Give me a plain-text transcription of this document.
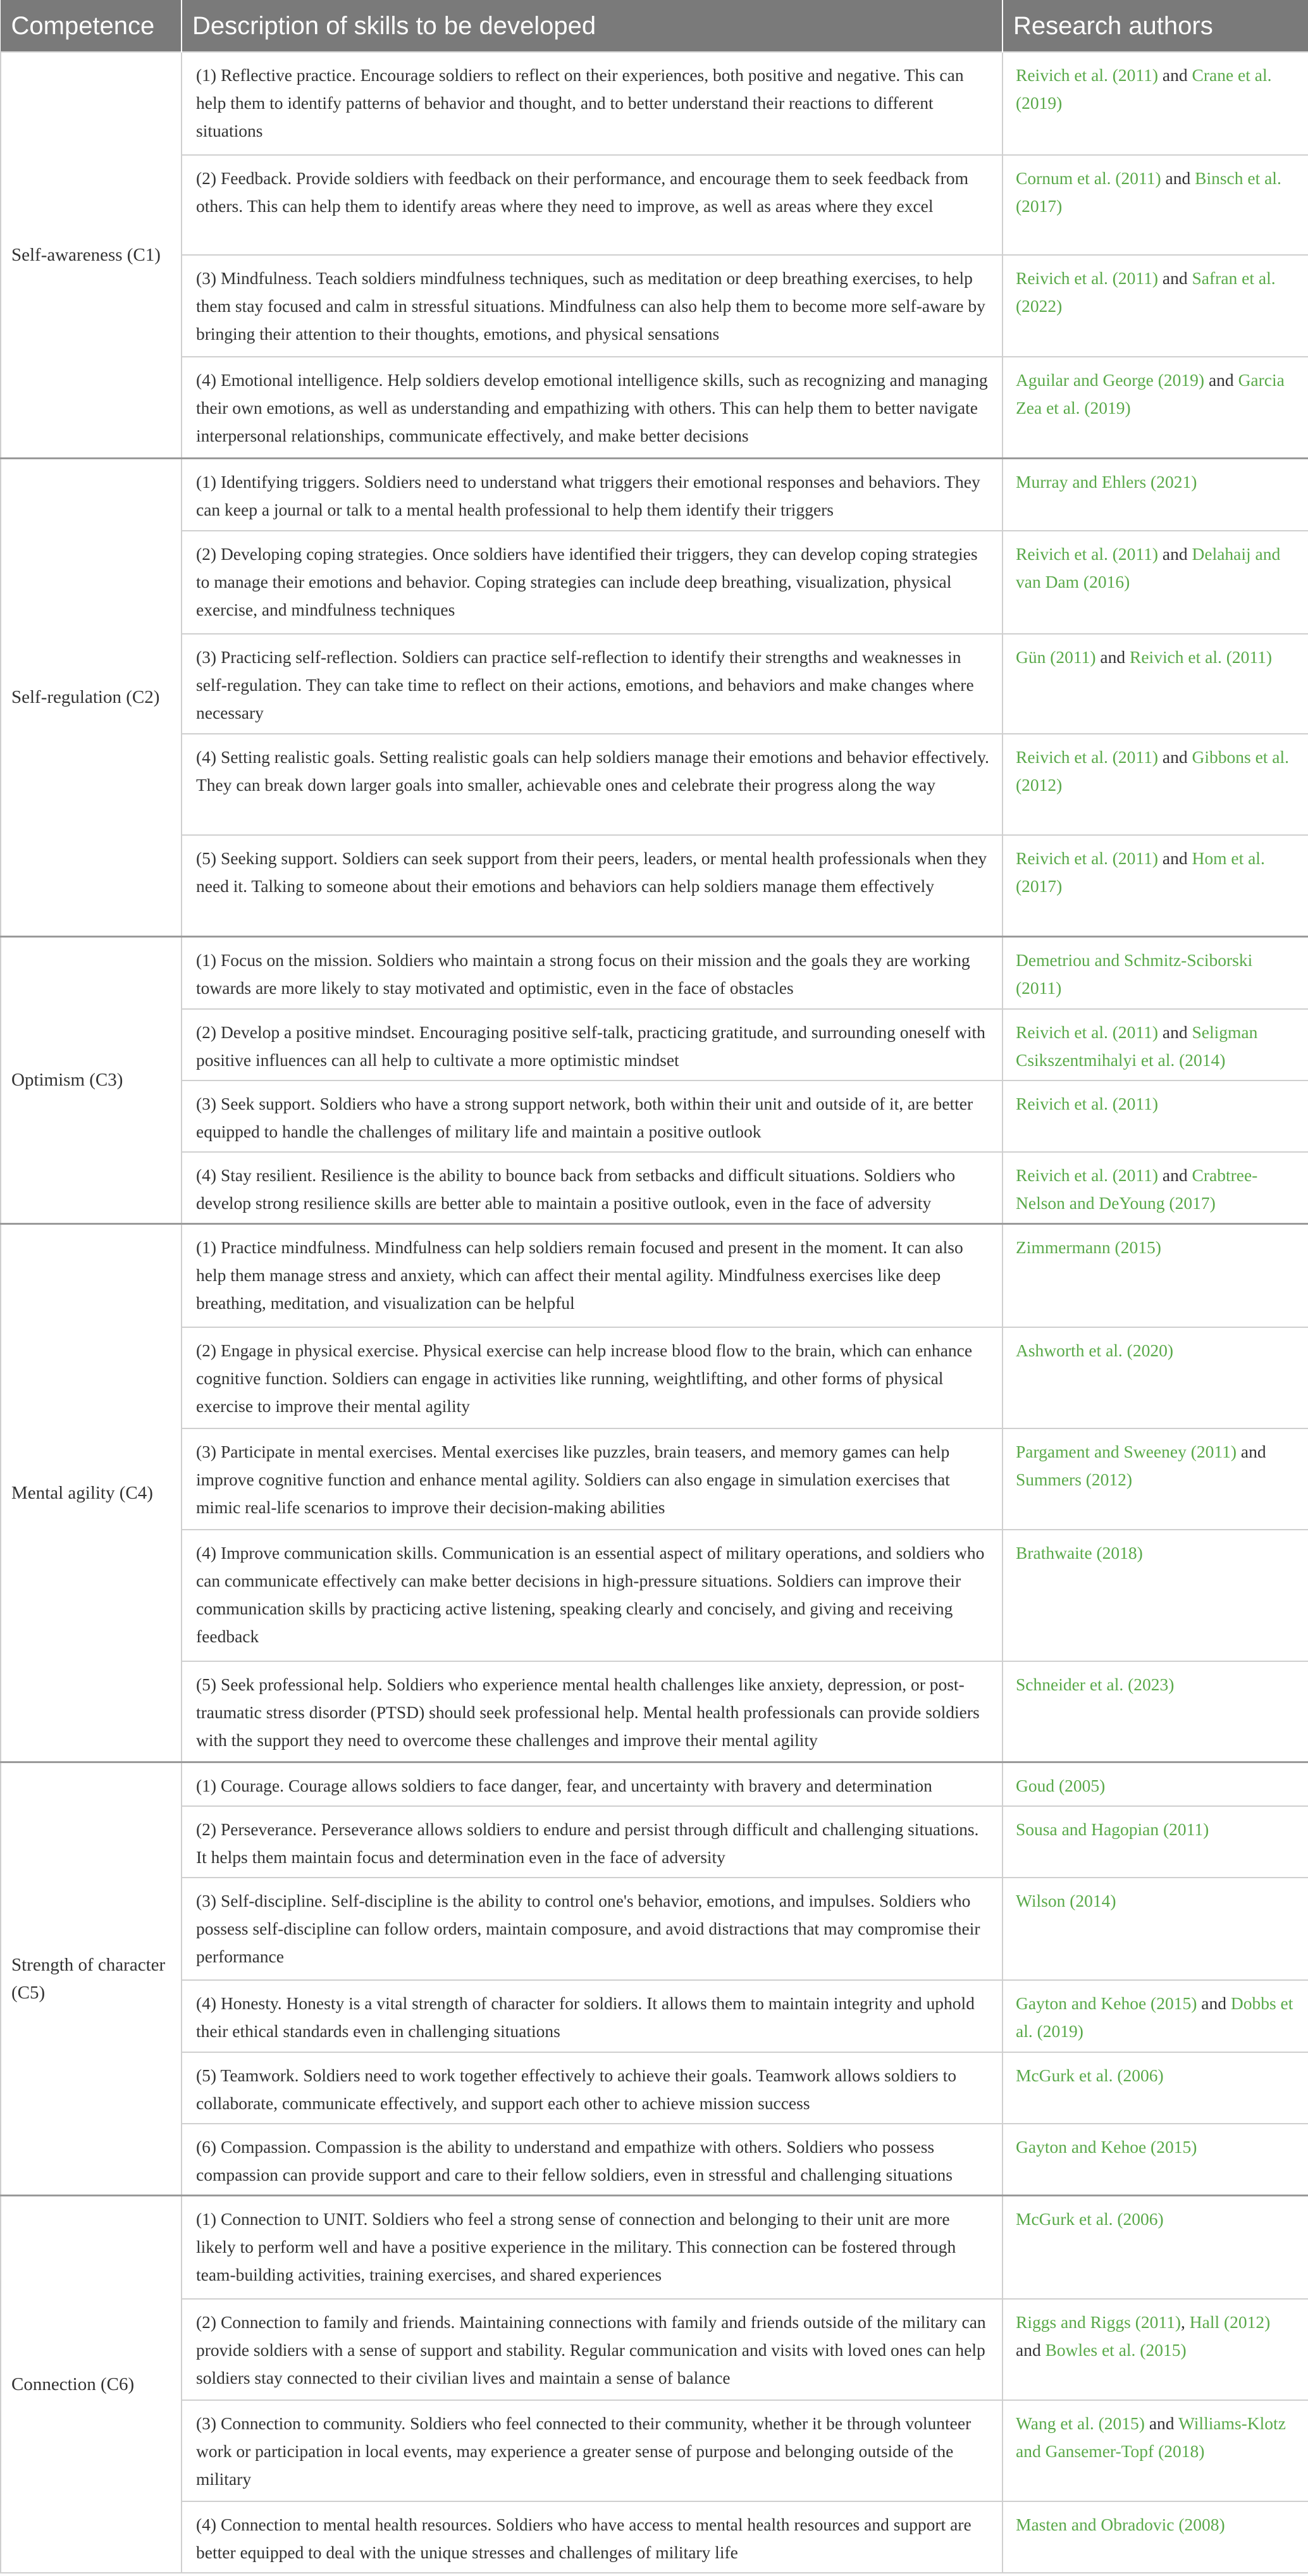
Competence	Description of skills to be developed	Research authors
Self-awareness (C1)	(1) Reflective practice. Encourage soldiers to reflect on their experiences, both positive and negative. This can help them to identify patterns of behavior and thought, and to better understand their reactions to different situations	Reivich et al. (2011) and Crane et al. (2019)
	(2) Feedback. Provide soldiers with feedback on their performance, and encourage them to seek feedback from others. This can help them to identify areas where they need to improve, as well as areas where they excel	Cornum et al. (2011) and Binsch et al. (2017)
	(3) Mindfulness. Teach soldiers mindfulness techniques, such as meditation or deep breathing exercises, to help them stay focused and calm in stressful situations. Mindfulness can also help them to become more self-aware by bringing their attention to their thoughts, emotions, and physical sensations	Reivich et al. (2011) and Safran et al. (2022)
	(4) Emotional intelligence. Help soldiers develop emotional intelligence skills, such as recognizing and managing their own emotions, as well as understanding and empathizing with others. This can help them to better navigate interpersonal relationships, communicate effectively, and make better decisions	Aguilar and George (2019) and Garcia Zea et al. (2019)
Self-regulation (C2)	(1) Identifying triggers. Soldiers need to understand what triggers their emotional responses and behaviors. They can keep a journal or talk to a mental health professional to help them identify their triggers	Murray and Ehlers (2021)
	(2) Developing coping strategies. Once soldiers have identified their triggers, they can develop coping strategies to manage their emotions and behavior. Coping strategies can include deep breathing, visualization, physical exercise, and mindfulness techniques	Reivich et al. (2011) and Delahaij and van Dam (2016)
	(3) Practicing self-reflection. Soldiers can practice self-reflection to identify their strengths and weaknesses in self-regulation. They can take time to reflect on their actions, emotions, and behaviors and make changes where necessary	Gün (2011) and Reivich et al. (2011)
	(4) Setting realistic goals. Setting realistic goals can help soldiers manage their emotions and behavior effectively. They can break down larger goals into smaller, achievable ones and celebrate their progress along the way	Reivich et al. (2011) and Gibbons et al. (2012)
	(5) Seeking support. Soldiers can seek support from their peers, leaders, or mental health professionals when they need it. Talking to someone about their emotions and behaviors can help soldiers manage them effectively	Reivich et al. (2011) and Hom et al. (2017)
Optimism (C3)	(1) Focus on the mission. Soldiers who maintain a strong focus on their mission and the goals they are working towards are more likely to stay motivated and optimistic, even in the face of obstacles	Demetriou and Schmitz-Sciborski (2011)
	(2) Develop a positive mindset. Encouraging positive self-talk, practicing gratitude, and surrounding oneself with positive influences can all help to cultivate a more optimistic mindset	Reivich et al. (2011) and Seligman Csikszentmihalyi et al. (2014)
	(3) Seek support. Soldiers who have a strong support network, both within their unit and outside of it, are better equipped to handle the challenges of military life and maintain a positive outlook	Reivich et al. (2011)
	(4) Stay resilient. Resilience is the ability to bounce back from setbacks and difficult situations. Soldiers who develop strong resilience skills are better able to maintain a positive outlook, even in the face of adversity	Reivich et al. (2011) and Crabtree-Nelson and DeYoung (2017)
Mental agility (C4)	(1) Practice mindfulness. Mindfulness can help soldiers remain focused and present in the moment. It can also help them manage stress and anxiety, which can affect their mental agility. Mindfulness exercises like deep breathing, meditation, and visualization can be helpful	Zimmermann (2015)
	(2) Engage in physical exercise. Physical exercise can help increase blood flow to the brain, which can enhance cognitive function. Soldiers can engage in activities like running, weightlifting, and other forms of physical exercise to improve their mental agility	Ashworth et al. (2020)
	(3) Participate in mental exercises. Mental exercises like puzzles, brain teasers, and memory games can help improve cognitive function and enhance mental agility. Soldiers can also engage in simulation exercises that mimic real-life scenarios to improve their decision-making abilities	Pargament and Sweeney (2011) and Summers (2012)
	(4) Improve communication skills. Communication is an essential aspect of military operations, and soldiers who can communicate effectively can make better decisions in high-pressure situations. Soldiers can improve their communication skills by practicing active listening, speaking clearly and concisely, and giving and receiving feedback	Brathwaite (2018)
	(5) Seek professional help. Soldiers who experience mental health challenges like anxiety, depression, or post-traumatic stress disorder (PTSD) should seek professional help. Mental health professionals can provide soldiers with the support they need to overcome these challenges and improve their mental agility	Schneider et al. (2023)
Strength of character (C5)	(1) Courage. Courage allows soldiers to face danger, fear, and uncertainty with bravery and determination	Goud (2005)
	(2) Perseverance. Perseverance allows soldiers to endure and persist through difficult and challenging situations. It helps them maintain focus and determination even in the face of adversity	Sousa and Hagopian (2011)
	(3) Self-discipline. Self-discipline is the ability to control one's behavior, emotions, and impulses. Soldiers who possess self-discipline can follow orders, maintain composure, and avoid distractions that may compromise their performance	Wilson (2014)
	(4) Honesty. Honesty is a vital strength of character for soldiers. It allows them to maintain integrity and uphold their ethical standards even in challenging situations	Gayton and Kehoe (2015) and Dobbs et al. (2019)
	(5) Teamwork. Soldiers need to work together effectively to achieve their goals. Teamwork allows soldiers to collaborate, communicate effectively, and support each other to achieve mission success	McGurk et al. (2006)
	(6) Compassion. Compassion is the ability to understand and empathize with others. Soldiers who possess compassion can provide support and care to their fellow soldiers, even in stressful and challenging situations	Gayton and Kehoe (2015)
Connection (C6)	(1) Connection to UNIT. Soldiers who feel a strong sense of connection and belonging to their unit are more likely to perform well and have a positive experience in the military. This connection can be fostered through team-building activities, training exercises, and shared experiences	McGurk et al. (2006)
	(2) Connection to family and friends. Maintaining connections with family and friends outside of the military can provide soldiers with a sense of support and stability. Regular communication and visits with loved ones can help soldiers stay connected to their civilian lives and maintain a sense of balance	Riggs and Riggs (2011), Hall (2012) and Bowles et al. (2015)
	(3) Connection to community. Soldiers who feel connected to their community, whether it be through volunteer work or participation in local events, may experience a greater sense of purpose and belonging outside of the military	Wang et al. (2015) and Williams-Klotz and Gansemer-Topf (2018)
	(4) Connection to mental health resources. Soldiers who have access to mental health resources and support are better equipped to deal with the unique stresses and challenges of military life	Masten and Obradovic (2008)
